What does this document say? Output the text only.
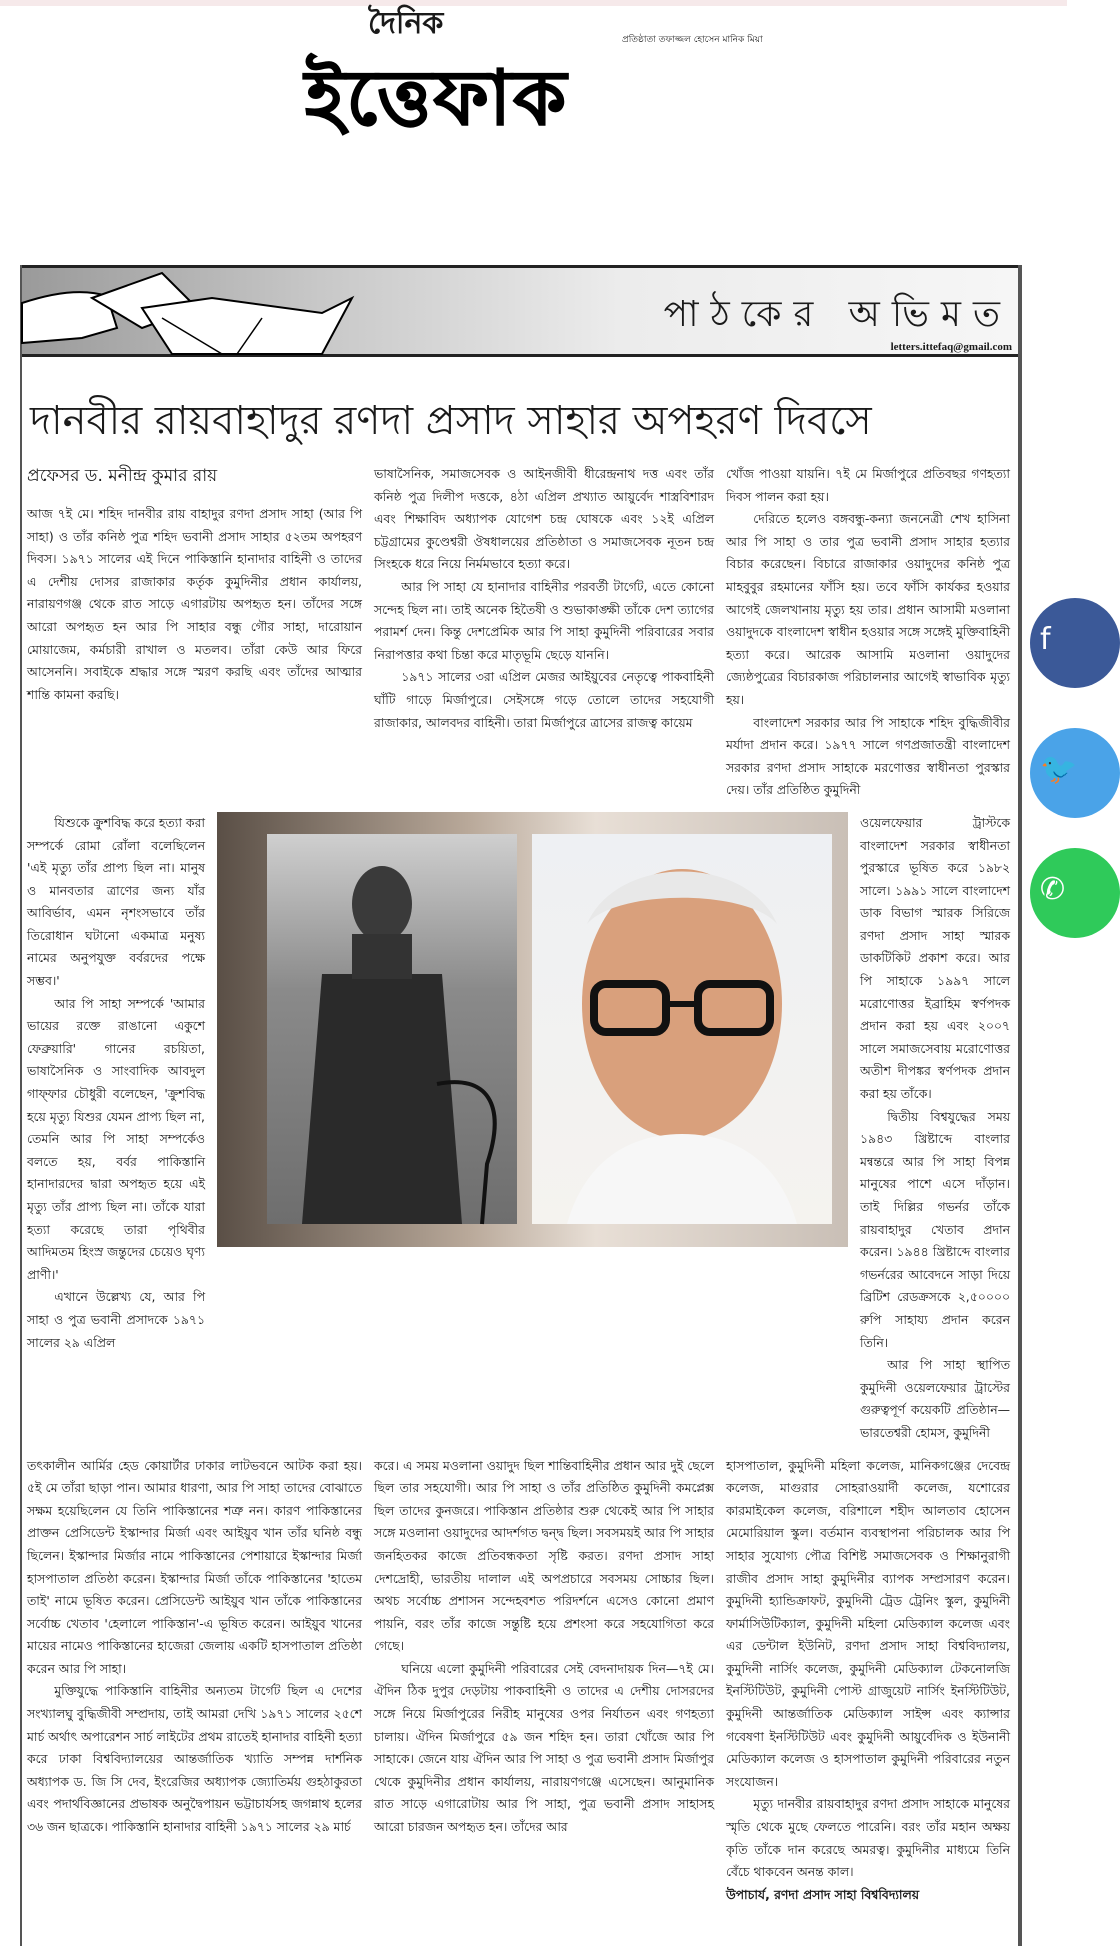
দৈনিক	প্রতিষ্ঠাতা তফাজ্জল হোসেন মানিক মিয়া
ইত্তেফাক
পাঠকের অভিমত
letters.ittefaq@gmail.com
দানবীর রায়বাহাদুর রণদা প্রসাদ সাহার অপহরণ দিবসে
প্রফেসর ড. মনীন্দ্র কুমার রায়

আজ ৭ই মে। শহিদ দানবীর রায় বাহাদুর রণদা প্রসাদ সাহা (আর পি সাহা) ও তাঁর কনিষ্ঠ পুত্র শহিদ ভবানী প্রসাদ সাহার ৫২তম অপহরণ দিবস। ১৯৭১ সালের এই দিনে পাকিস্তানি হানাদার বাহিনী ও তাদের এ দেশীয় দোসর রাজাকার কর্তৃক কুমুদিনীর প্রধান কার্যালয়, নারায়ণগঞ্জ থেকে রাত সাড়ে এগারটায় অপহৃত হন। তাঁদের সঙ্গে আরো অপহৃত হন আর পি সাহার বন্ধু গৌর সাহা, দারোয়ান মোয়াজেম, কর্মচারী রাখাল ও মতলব। তাঁরা কেউ আর ফিরে আসেননি। সবাইকে শ্রদ্ধার সঙ্গে স্মরণ করছি এবং তাঁদের আত্মার শান্তি কামনা করছি।

ভাষাসৈনিক, সমাজসেবক ও আইনজীবী ধীরেন্দ্রনাথ দত্ত এবং তাঁর কনিষ্ঠ পুত্র দিলীপ দত্তকে, ৪ঠা এপ্রিল প্রখ্যাত আয়ুর্বেদ শাস্ত্রবিশারদ এবং শিক্ষাবিদ অধ্যাপক যোগেশ চন্দ্র ঘোষকে এবং ১২ই এপ্রিল চট্টগ্রামের কুণ্ডেশ্বরী ঔষধালয়ের প্রতিষ্ঠাতা ও সমাজসেবক নূতন চন্দ্র সিংহকে ধরে নিয়ে নির্মমভাবে হত্যা করে।

আর পি সাহা যে হানাদার বাহিনীর পরবর্তী টার্গেট, এতে কোনো সন্দেহ ছিল না। তাই অনেক হিতৈষী ও শুভাকাঙ্ক্ষী তাঁকে দেশ ত্যাগের পরামর্শ দেন। কিন্তু দেশপ্রেমিক আর পি সাহা কুমুদিনী পরিবারের সবার নিরাপত্তার কথা চিন্তা করে মাতৃভূমি ছেড়ে যাননি।

১৯৭১ সালের ৩রা এপ্রিল মেজর আইয়ুবের নেতৃত্বে পাকবাহিনী ঘাঁটি গাড়ে মির্জাপুরে। সেইসঙ্গে গড়ে তোলে তাদের সহযোগী রাজাকার, আলবদর বাহিনী। তারা মির্জাপুরে ত্রাসের রাজত্ব কায়েম

খোঁজ পাওয়া যায়নি। ৭ই মে মির্জাপুরে প্রতিবছর গণহত্যা দিবস পালন করা হয়।

দেরিতে হলেও বঙ্গবন্ধু-কন্যা জননেত্রী শেখ হাসিনা আর পি সাহা ও তার পুত্র ভবানী প্রসাদ সাহার হত্যার বিচার করেছেন। বিচারে রাজাকার ওয়াদুদের কনিষ্ঠ পুত্র মাহবুবুর রহমানের ফাঁসি হয়। তবে ফাঁসি কার্যকর হওয়ার আগেই জেলখানায় মৃত্যু হয় তার। প্রধান আসামী মওলানা ওয়াদুদকে বাংলাদেশ স্বাধীন হওয়ার সঙ্গে সঙ্গেই মুক্তিবাহিনী হত্যা করে। আরেক আসামি মওলানা ওয়াদুদের জ্যেষ্ঠপুত্রের বিচারকাজ পরিচালনার আগেই স্বাভাবিক মৃত্যু হয়।

বাংলাদেশ সরকার আর পি সাহাকে শহিদ বুদ্ধিজীবীর মর্যাদা প্রদান করে। ১৯৭৭ সালে গণপ্রজাতন্ত্রী বাংলাদেশ সরকার রণদা প্রসাদ সাহাকে মরণোত্তর স্বাধীনতা পুরস্কার দেয়। তাঁর প্রতিষ্ঠিত কুমুদিনী

যিশুকে ক্রুশবিদ্ধ করে হত্যা করা সম্পর্কে রোমা রোঁলা বলেছিলেন 'এই মৃত্যু তাঁর প্রাপ্য ছিল না। মানুষ ও মানবতার ত্রাণের জন্য যাঁর আবির্ভাব, এমন নৃশংসভাবে তাঁর তিরোধান ঘটানো একমাত্র মনুষ্য নামের অনুপযুক্ত বর্বরদের পক্ষে সম্ভব।'

আর পি সাহা সম্পর্কে 'আমার ভায়ের রক্তে রাঙানো একুশে ফেব্রুয়ারি' গানের রচয়িতা, ভাষাসৈনিক ও সাংবাদিক আবদুল গাফ্ফার চৌধুরী বলেছেন, 'ক্রুশবিদ্ধ হয়ে মৃত্যু যিশুর যেমন প্রাপ্য ছিল না, তেমনি আর পি সাহা সম্পর্কেও বলতে হয়, বর্বর পাকিস্তানি হানাদারদের দ্বারা অপহৃত হয়ে এই মৃত্যু তাঁর প্রাপ্য ছিল না। তাঁকে যারা হত্যা করেছে তারা পৃথিবীর আদিমতম হিংস্র জন্তুদের চেয়েও ঘৃণ্য প্রাণী।'

এখানে উল্লেখ্য যে, আর পি সাহা ও পুত্র ভবানী প্রসাদকে ১৯৭১ সালের ২৯ এপ্রিল

ওয়েলফেয়ার ট্রাস্টকে বাংলাদেশ সরকার স্বাধীনতা পুরস্কারে ভূষিত করে ১৯৮২ সালে। ১৯৯১ সালে বাংলাদেশ ডাক বিভাগ স্মারক সিরিজে রণদা প্রসাদ সাহা স্মারক ডাকটিকিট প্রকাশ করে। আর পি সাহাকে ১৯৯৭ সালে মরোণোত্তর ইব্রাহিম স্বর্ণপদক প্রদান করা হয় এবং ২০০৭ সালে সমাজসেবায় মরোণোত্তর অতীশ দীপঙ্কর স্বর্ণপদক প্রদান করা হয় তাঁকে।

দ্বিতীয় বিশ্বযুদ্ধের সময় ১৯৪৩ খ্রিষ্টাব্দে বাংলার মন্বন্তরে আর পি সাহা বিপন্ন মানুষের পাশে এসে দাঁড়ান। তাই দিল্লির গভর্নর তাঁকে রায়বাহাদুর খেতাব প্রদান করেন। ১৯৪৪ খ্রিষ্টাব্দে বাংলার গভর্নরের আবেদনে সাড়া দিয়ে ব্রিটিশ রেডক্রসকে ২,৫০০০০ রুপি সাহায্য প্রদান করেন তিনি।

আর পি সাহা স্থাপিত কুমুদিনী ওয়েলফেয়ার ট্রাস্টের গুরুত্বপূর্ণ কয়েকটি প্রতিষ্ঠান— ভারতেশ্বরী হোমস, কুমুদিনী

তৎকালীন আর্মির হেড কোয়ার্টার ঢাকার লাটভবনে আটক করা হয়। ৫ই মে তাঁরা ছাড়া পান। আমার ধারণা, আর পি সাহা তাদের বোঝাতে সক্ষম হয়েছিলেন যে তিনি পাকিস্তানের শত্রু নন। কারণ পাকিস্তানের প্রাক্তন প্রেসিডেন্ট ইস্কান্দার মির্জা এবং আইয়ুব খান তাঁর ঘনিষ্ঠ বন্ধু ছিলেন। ইস্কান্দার মির্জার নামে পাকিস্তানের পেশায়ারে ইস্কান্দার মির্জা হাসপাতাল প্রতিষ্ঠা করেন। ইস্কান্দার মির্জা তাঁকে পাকিস্তানের 'হাতেম তাই' নামে ভূষিত করেন। প্রেসিডেন্ট আইয়ুব খান তাঁকে পাকিস্তানের সর্বোচ্চ খেতাব 'হেলালে পাকিস্তান'-এ ভূষিত করেন। আইয়ুব খানের মায়ের নামেও পাকিস্তানের হাজেরা জেলায় একটি হাসপাতাল প্রতিষ্ঠা করেন আর পি সাহা।

মুক্তিযুদ্ধে পাকিস্তানি বাহিনীর অন্যতম টার্গেট ছিল এ দেশের সংখ্যালঘু বুদ্ধিজীবী সম্প্রদায়, তাই আমরা দেখি ১৯৭১ সালের ২৫শে মার্চ অর্থাৎ অপারেশন সার্চ লাইটের প্রথম রাতেই হানাদার বাহিনী হত্যা করে ঢাকা বিশ্ববিদ্যালয়ের আন্তর্জাতিক খ্যাতি সম্পন্ন দার্শনিক অধ্যাপক ড. জি সি দেব, ইংরেজির অধ্যাপক জ্যোতির্ময় গুহঠাকুরতা এবং পদার্থবিজ্ঞানের প্রভাষক অনুদ্বৈপায়ন ভট্টাচার্যসহ জগন্নাথ হলের ৩৬ জন ছাত্রকে। পাকিস্তানি হানাদার বাহিনী ১৯৭১ সালের ২৯ মার্চ

করে। এ সময় মওলানা ওয়াদুদ ছিল শান্তিবাহিনীর প্রধান আর দুই ছেলে ছিল তার সহযোগী। আর পি সাহা ও তাঁর প্রতিষ্ঠিত কুমুদিনী কমপ্লেক্স ছিল তাদের কুনজরে। পাকিস্তান প্রতিষ্ঠার শুরু থেকেই আর পি সাহার সঙ্গে মওলানা ওয়াদুদের আদর্শগত দ্বন্দ্ব ছিল। সবসময়ই আর পি সাহার জনহিতকর কাজে প্রতিবন্ধকতা সৃষ্টি করত। রণদা প্রসাদ সাহা দেশদ্রোহী, ভারতীয় দালাল এই অপপ্রচারে সবসময় সোচ্চার ছিল। অথচ সর্বোচ্চ প্রশাসন সন্দেহবশত পরিদর্শনে এসেও কোনো প্রমাণ পায়নি, বরং তাঁর কাজে সন্তুষ্টি হয়ে প্রশংসা করে সহযোগিতা করে গেছে।

ঘনিয়ে এলো কুমুদিনী পরিবারের সেই বেদনাদায়ক দিন—৭ই মে। ঐদিন ঠিক দুপুর দেড়টায় পাকবাহিনী ও তাদের এ দেশীয় দোসরদের সঙ্গে নিয়ে মির্জাপুরের নিরীহ মানুষের ওপর নির্যাতন এবং গণহত্যা চালায়। ঐদিন মির্জাপুরে ৫৯ জন শহিদ হন। তারা খোঁজে আর পি সাহাকে। জেনে যায় ঐদিন আর পি সাহা ও পুত্র ভবানী প্রসাদ মির্জাপুর থেকে কুমুদিনীর প্রধান কার্যালয়, নারায়ণগঞ্জে এসেছেন। আনুমানিক রাত সাড়ে এগারোটায় আর পি সাহা, পুত্র ভবানী প্রসাদ সাহাসহ আরো চারজন অপহৃত হন। তাঁদের আর

হাসপাতাল, কুমুদিনী মহিলা কলেজ, মানিকগঞ্জের দেবেন্দ্র কলেজ, মাগুরার সোহরাওয়ার্দী কলেজ, যশোরের কারমাইকেল কলেজ, বরিশালে শহীদ আলতাব হোসেন মেমোরিয়াল স্কুল। বর্তমান ব্যবস্থাপনা পরিচালক আর পি সাহার সুযোগ্য পৌত্র বিশিষ্ট সমাজসেবক ও শিক্ষানুরাগী রাজীব প্রসাদ সাহা কুমুদিনীর ব্যাপক সম্প্রসারণ করেন। কুমুদিনী হ্যান্ডিক্রাফট, কুমুদিনী ট্রেড ট্রেনিং স্কুল, কুমুদিনী ফার্মাসিউটিক্যাল, কুমুদিনী মহিলা মেডিক্যাল কলেজ এবং এর ডেন্টাল ইউনিট, রণদা প্রসাদ সাহা বিশ্ববিদ্যালয়, কুমুদিনী নার্সিং কলেজ, কুমুদিনী মেডিক্যাল টেকনোলজি ইনস্টিটিউট, কুমুদিনী পোস্ট গ্রাজুয়েট নার্সিং ইনস্টিটিউট, কুমুদিনী আন্তর্জাতিক মেডিক্যাল সাইন্স এবং ক্যান্সার গবেষণা ইনস্টিটিউট এবং কুমুদিনী আয়ুর্বেদিক ও ইউনানী মেডিক্যাল কলেজ ও হাসপাতাল কুমুদিনী পরিবারের নতুন সংযোজন।

মৃত্যু দানবীর রায়বাহাদুর রণদা প্রসাদ সাহাকে মানুষের স্মৃতি থেকে মুছে ফেলতে পারেনি। বরং তাঁর মহান অক্ষয় কৃতি তাঁকে দান করেছে অমরত্ব। কুমুদিনীর মাধ্যমে তিনি বেঁচে থাকবেন অনন্ত কাল।

উপাচার্য, রণদা প্রসাদ সাহা বিশ্ববিদ্যালয়

f
🐦
✆
